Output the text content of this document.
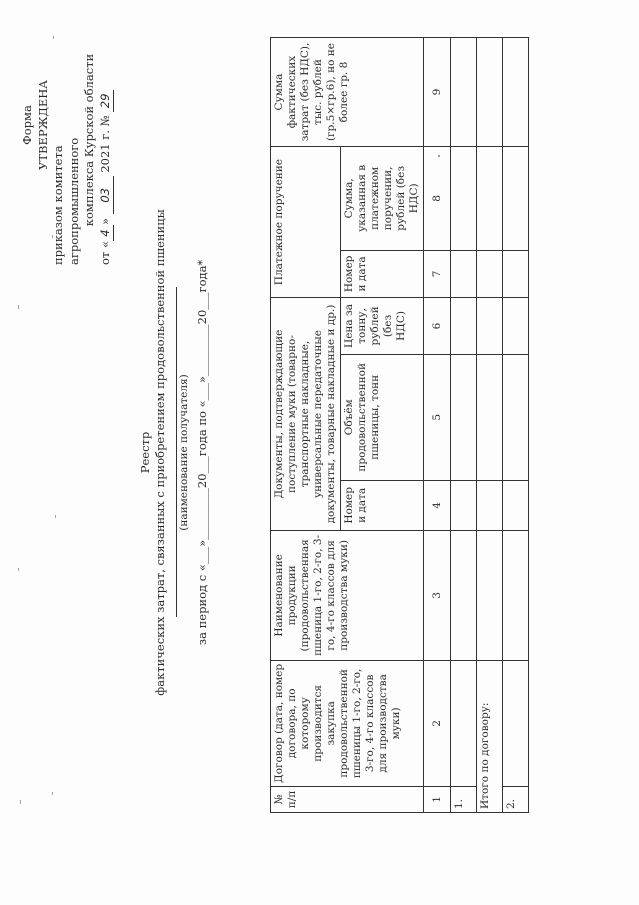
Форма УТВЕРЖДЕНА
приказом комитета агропромышленного комплекса Курской области
от «4» 03 2021 г. № 29
Реестр фактических затрат, связанных с приобретением продовольственной пшеницы (наименование получателя) за период с «___»_________20___года по «___»_________20___года*
№ п/п	Договор (дата, номер договора, по которому производится закупка продовольственной пшеницы 1-го, 2-го, 3-го, 4-го классов для производства муки)	Наименование продукции (продовольственная пшеница 1-го, 2-го, 3-го, 4-го классов для производства муки)	Документы, подтверждающие поступление муки (товарно-транспортные накладные, универсальные передаточные документы, товарные накладные и др.)			Платежное поручение		Сумма фактических затрат (без НДС), тыс. рублей (гр.5×гр.6), но не более гр. 8
			Номер и дата	Объём продовольственной пшеницы, тонн	Цена за тонну, рублей (без НДС)	Номер и дата	Сумма, указанная в платежном поручении, рублей (без НДС)	
1	2	3	4	5	6	7	8	9
1.								
Итого по договору:								
2.								
